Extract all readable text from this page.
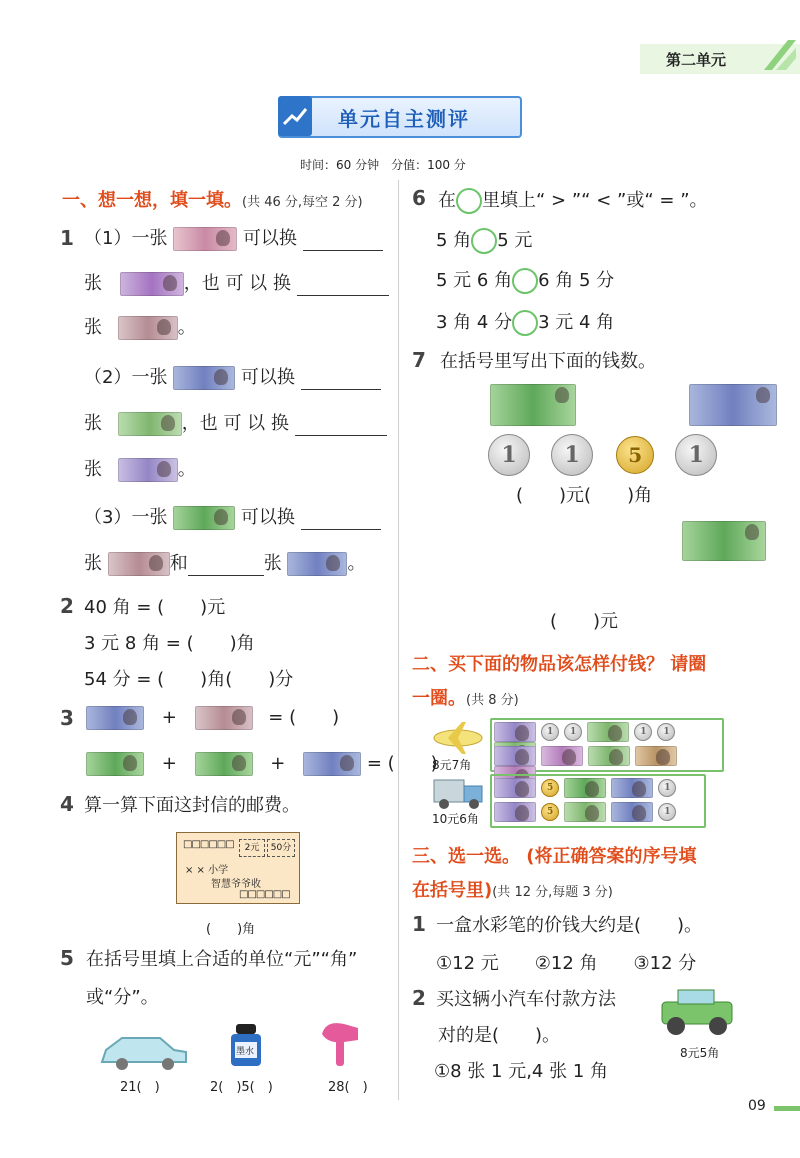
第二单元
单元自主测评
时间：60 分钟　分值：100 分
一、想一想，填一填。(共 46 分,每空 2 分)
1 （1）一张	可以换
张	，也 可 以 换
张	。
（2）一张	可以换
张	，也 可 以 换
张	。
（3）一张	可以换
张	和	张	。
2 40 角 = (　　)元
3 元 8 角 = (　　)角
54 分 = (　　)角(　　)分
3	+	= (　　)
+	+	= (　　)
4 算一算下面这封信的邮费。
□□□□□□	2元	50分
× × 小学
智慧爷爷收
□□□□□□
(　　)角
5 在括号里填上合适的单位“元”“角”
或“分”。
墨水
21(　)	2(　)5(　)	28(　)
6 在 里填上“ > ”“ < ”或“ = ”。
5 角 5 元
5 元 6 角 6 角 5 分
3 角 4 分 3 元 4 角
7 在括号里写出下面的钱数。

1 1 5 1
(　　)元(　　)角

(　　)元
二、买下面的物品该怎样付钱？ 请圈
一圈。(共 8 分)
8元7角
1 1	1 1

10元6角
5	1
5	1
三、选一选。 (将正确答案的序号填
在括号里)(共 12 分,每题 3 分)
1 一盒水彩笔的价钱大约是(　　)。
①12 元　　②12 角　　③12 分
2 买这辆小汽车付款方法
对的是(　　)。
①8 张 1 元,4 张 1 角
8元5角
09
